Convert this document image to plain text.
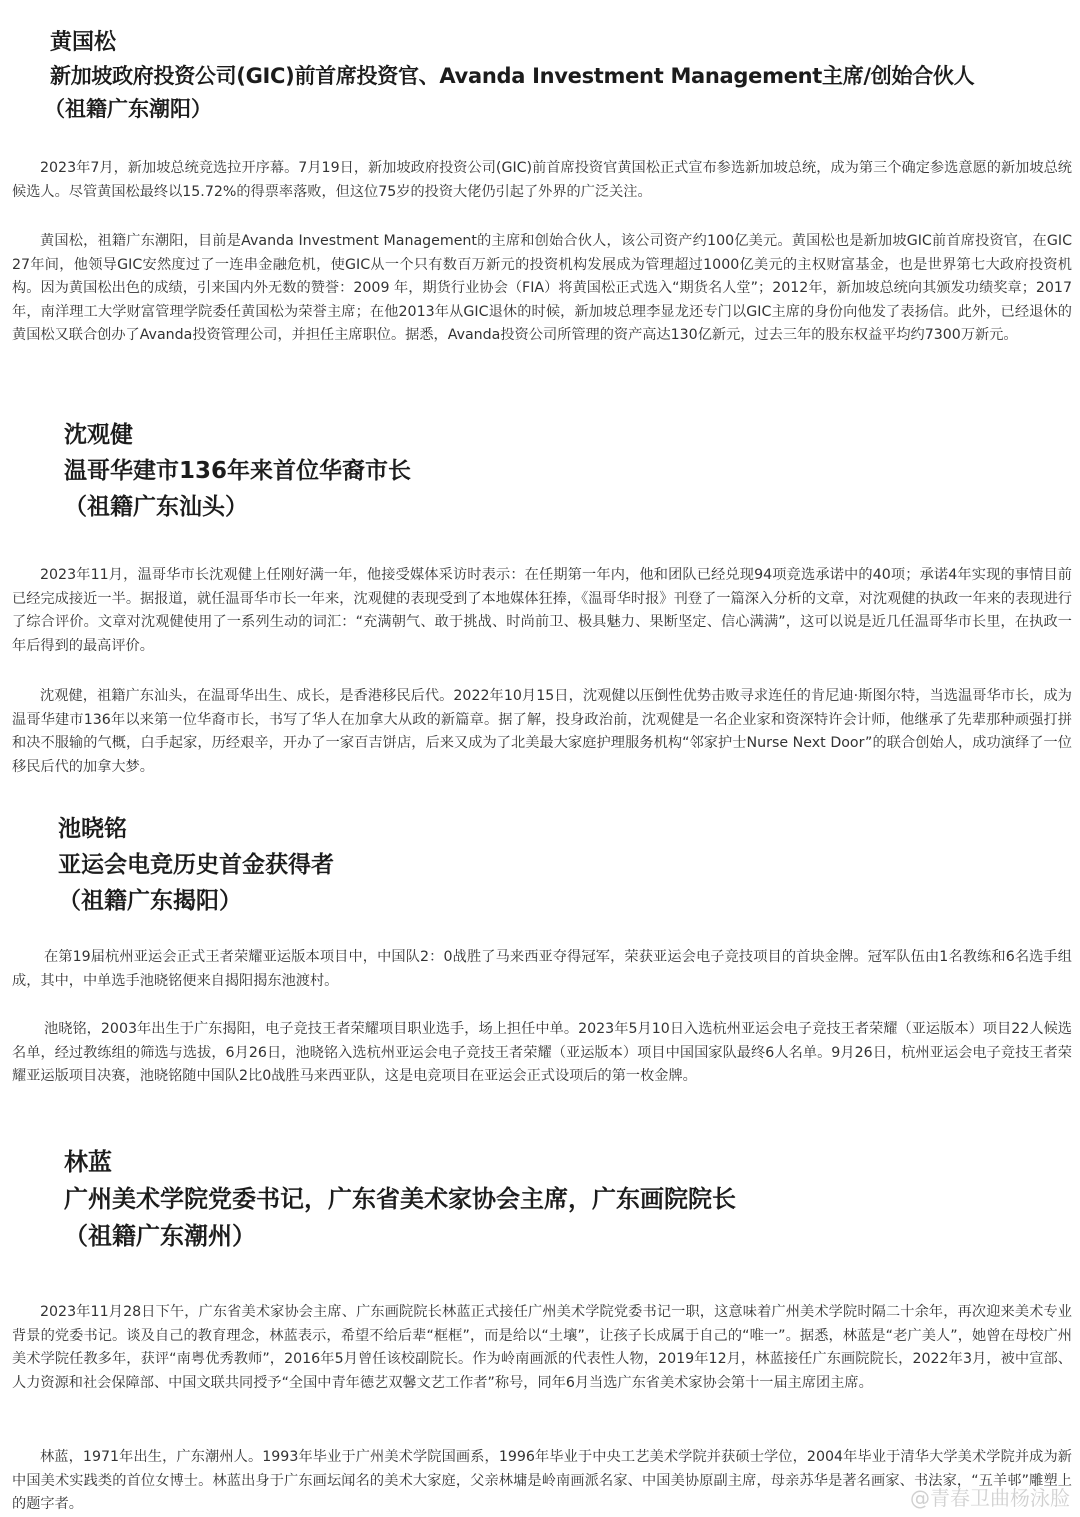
黄国松
新加坡政府投资公司(GIC)前首席投资官、Avanda Investment Management主席/创始合伙人
（祖籍广东潮阳）

2023年7月，新加坡总统竞选拉开序幕。7月19日，新加坡政府投资公司(GIC)前首席投资官黄国松正式宣布参选新加坡总统，成为第三个确定参选意愿的新加坡总统候选人。尽管黄国松最终以15.72%的得票率落败，但这位75岁的投资大佬仍引起了外界的广泛关注。

黄国松，祖籍广东潮阳，目前是Avanda Investment Management的主席和创始合伙人，该公司资产约100亿美元。黄国松也是新加坡GIC前首席投资官，在GIC 27年间，他领导GIC安然度过了一连串金融危机，使GIC从一个只有数百万新元的投资机构发展成为管理超过1000亿美元的主权财富基金，也是世界第七大政府投资机构。因为黄国松出色的成绩，引来国内外无数的赞誉：2009 年，期货行业协会（FIA）将黄国松正式选入“期货名人堂”；2012年，新加坡总统向其颁发功绩奖章；2017年，南洋理工大学财富管理学院委任黄国松为荣誉主席；在他2013年从GIC退休的时候，新加坡总理李显龙还专门以GIC主席的身份向他发了表扬信。此外，已经退休的黄国松又联合创办了Avanda投资管理公司，并担任主席职位。据悉，Avanda投资公司所管理的资产高达130亿新元，过去三年的股东权益平均约7300万新元。

沈观健
温哥华建市136年来首位华裔市长
（祖籍广东汕头）

2023年11月，温哥华市长沈观健上任刚好满一年，他接受媒体采访时表示：在任期第一年内，他和团队已经兑现94项竞选承诺中的40项；承诺4年实现的事情目前已经完成接近一半。据报道，就任温哥华市长一年来，沈观健的表现受到了本地媒体狂捧，《温哥华时报》刊登了一篇深入分析的文章，对沈观健的执政一年来的表现进行了综合评价。文章对沈观健使用了一系列生动的词汇：“充满朝气、敢于挑战、时尚前卫、极具魅力、果断坚定、信心满满”，这可以说是近几任温哥华市长里，在执政一年后得到的最高评价。

沈观健，祖籍广东汕头，在温哥华出生、成长，是香港移民后代。2022年10月15日，沈观健以压倒性优势击败寻求连任的肯尼迪·斯图尔特，当选温哥华市长，成为温哥华建市136年以来第一位华裔市长，书写了华人在加拿大从政的新篇章。据了解，投身政治前，沈观健是一名企业家和资深特许会计师，他继承了先辈那种顽强打拼和决不服输的气概，白手起家，历经艰辛，开办了一家百吉饼店，后来又成为了北美最大家庭护理服务机构“邻家护士Nurse Next Door”的联合创始人，成功演绎了一位移民后代的加拿大梦。

池晓铭
亚运会电竞历史首金获得者
（祖籍广东揭阳）

在第19届杭州亚运会正式王者荣耀亚运版本项目中，中国队2：0战胜了马来西亚夺得冠军，荣获亚运会电子竞技项目的首块金牌。冠军队伍由1名教练和6名选手组成，其中，中单选手池晓铭便来自揭阳揭东池渡村。

池晓铭，2003年出生于广东揭阳，电子竞技王者荣耀项目职业选手，场上担任中单。2023年5月10日入选杭州亚运会电子竞技王者荣耀（亚运版本）项目22人候选名单，经过教练组的筛选与选拔，6月26日，池晓铭入选杭州亚运会电子竞技王者荣耀（亚运版本）项目中国国家队最终6人名单。9月26日，杭州亚运会电子竞技王者荣耀亚运版项目决赛，池晓铭随中国队2比0战胜马来西亚队，这是电竞项目在亚运会正式设项后的第一枚金牌。

林蓝
广州美术学院党委书记，广东省美术家协会主席，广东画院院长
（祖籍广东潮州）

2023年11月28日下午，广东省美术家协会主席、广东画院院长林蓝正式接任广州美术学院党委书记一职，这意味着广州美术学院时隔二十余年，再次迎来美术专业背景的党委书记。谈及自己的教育理念，林蓝表示，希望不给后辈“框框”，而是给以“土壤”，让孩子长成属于自己的“唯一”。据悉，林蓝是“老广美人”，她曾在母校广州美术学院任教多年，获评“南粤优秀教师”，2016年5月曾任该校副院长。作为岭南画派的代表性人物，2019年12月，林蓝接任广东画院院长，2022年3月，被中宣部、人力资源和社会保障部、中国文联共同授予“全国中青年德艺双馨文艺工作者”称号，同年6月当选广东省美术家协会第十一届主席团主席。

林蓝，1971年出生，广东潮州人。1993年毕业于广州美术学院国画系，1996年毕业于中央工艺美术学院并获硕士学位，2004年毕业于清华大学美术学院并成为新中国美术实践类的首位女博士。林蓝出身于广东画坛闻名的美术大家庭，父亲林墉是岭南画派名家、中国美协原副主席，母亲苏华是著名画家、书法家，“五羊邨”雕塑上的题字者。	@青春卫曲杨泳脸
